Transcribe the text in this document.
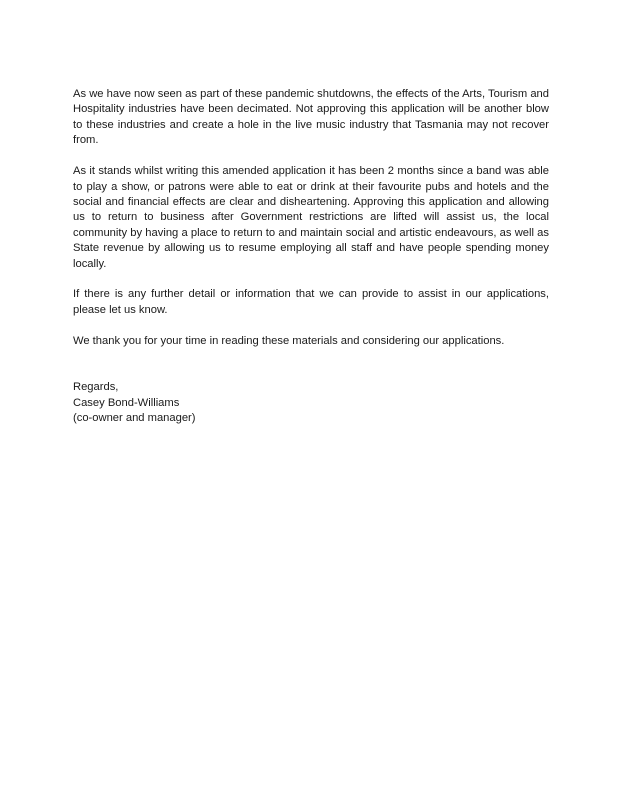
As we have now seen as part of these pandemic shutdowns, the effects of the Arts, Tourism and Hospitality industries have been decimated. Not approving this application will be another blow to these industries and create a hole in the live music industry that Tasmania may not recover from.

As it stands whilst writing this amended application it has been 2 months since a band was able to play a show, or patrons were able to eat or drink at their favourite pubs and hotels and the social and financial effects are clear and disheartening. Approving this application and allowing us to return to business after Government restrictions are lifted will assist us, the local community by having a place to return to and maintain social and artistic endeavours, as well as State revenue by allowing us to resume employing all staff and have people spending money locally.

If there is any further detail or information that we can provide to assist in our applications, please let us know.

We thank you for your time in reading these materials and considering our applications.

Regards,
Casey Bond-Williams
(co-owner and manager)
